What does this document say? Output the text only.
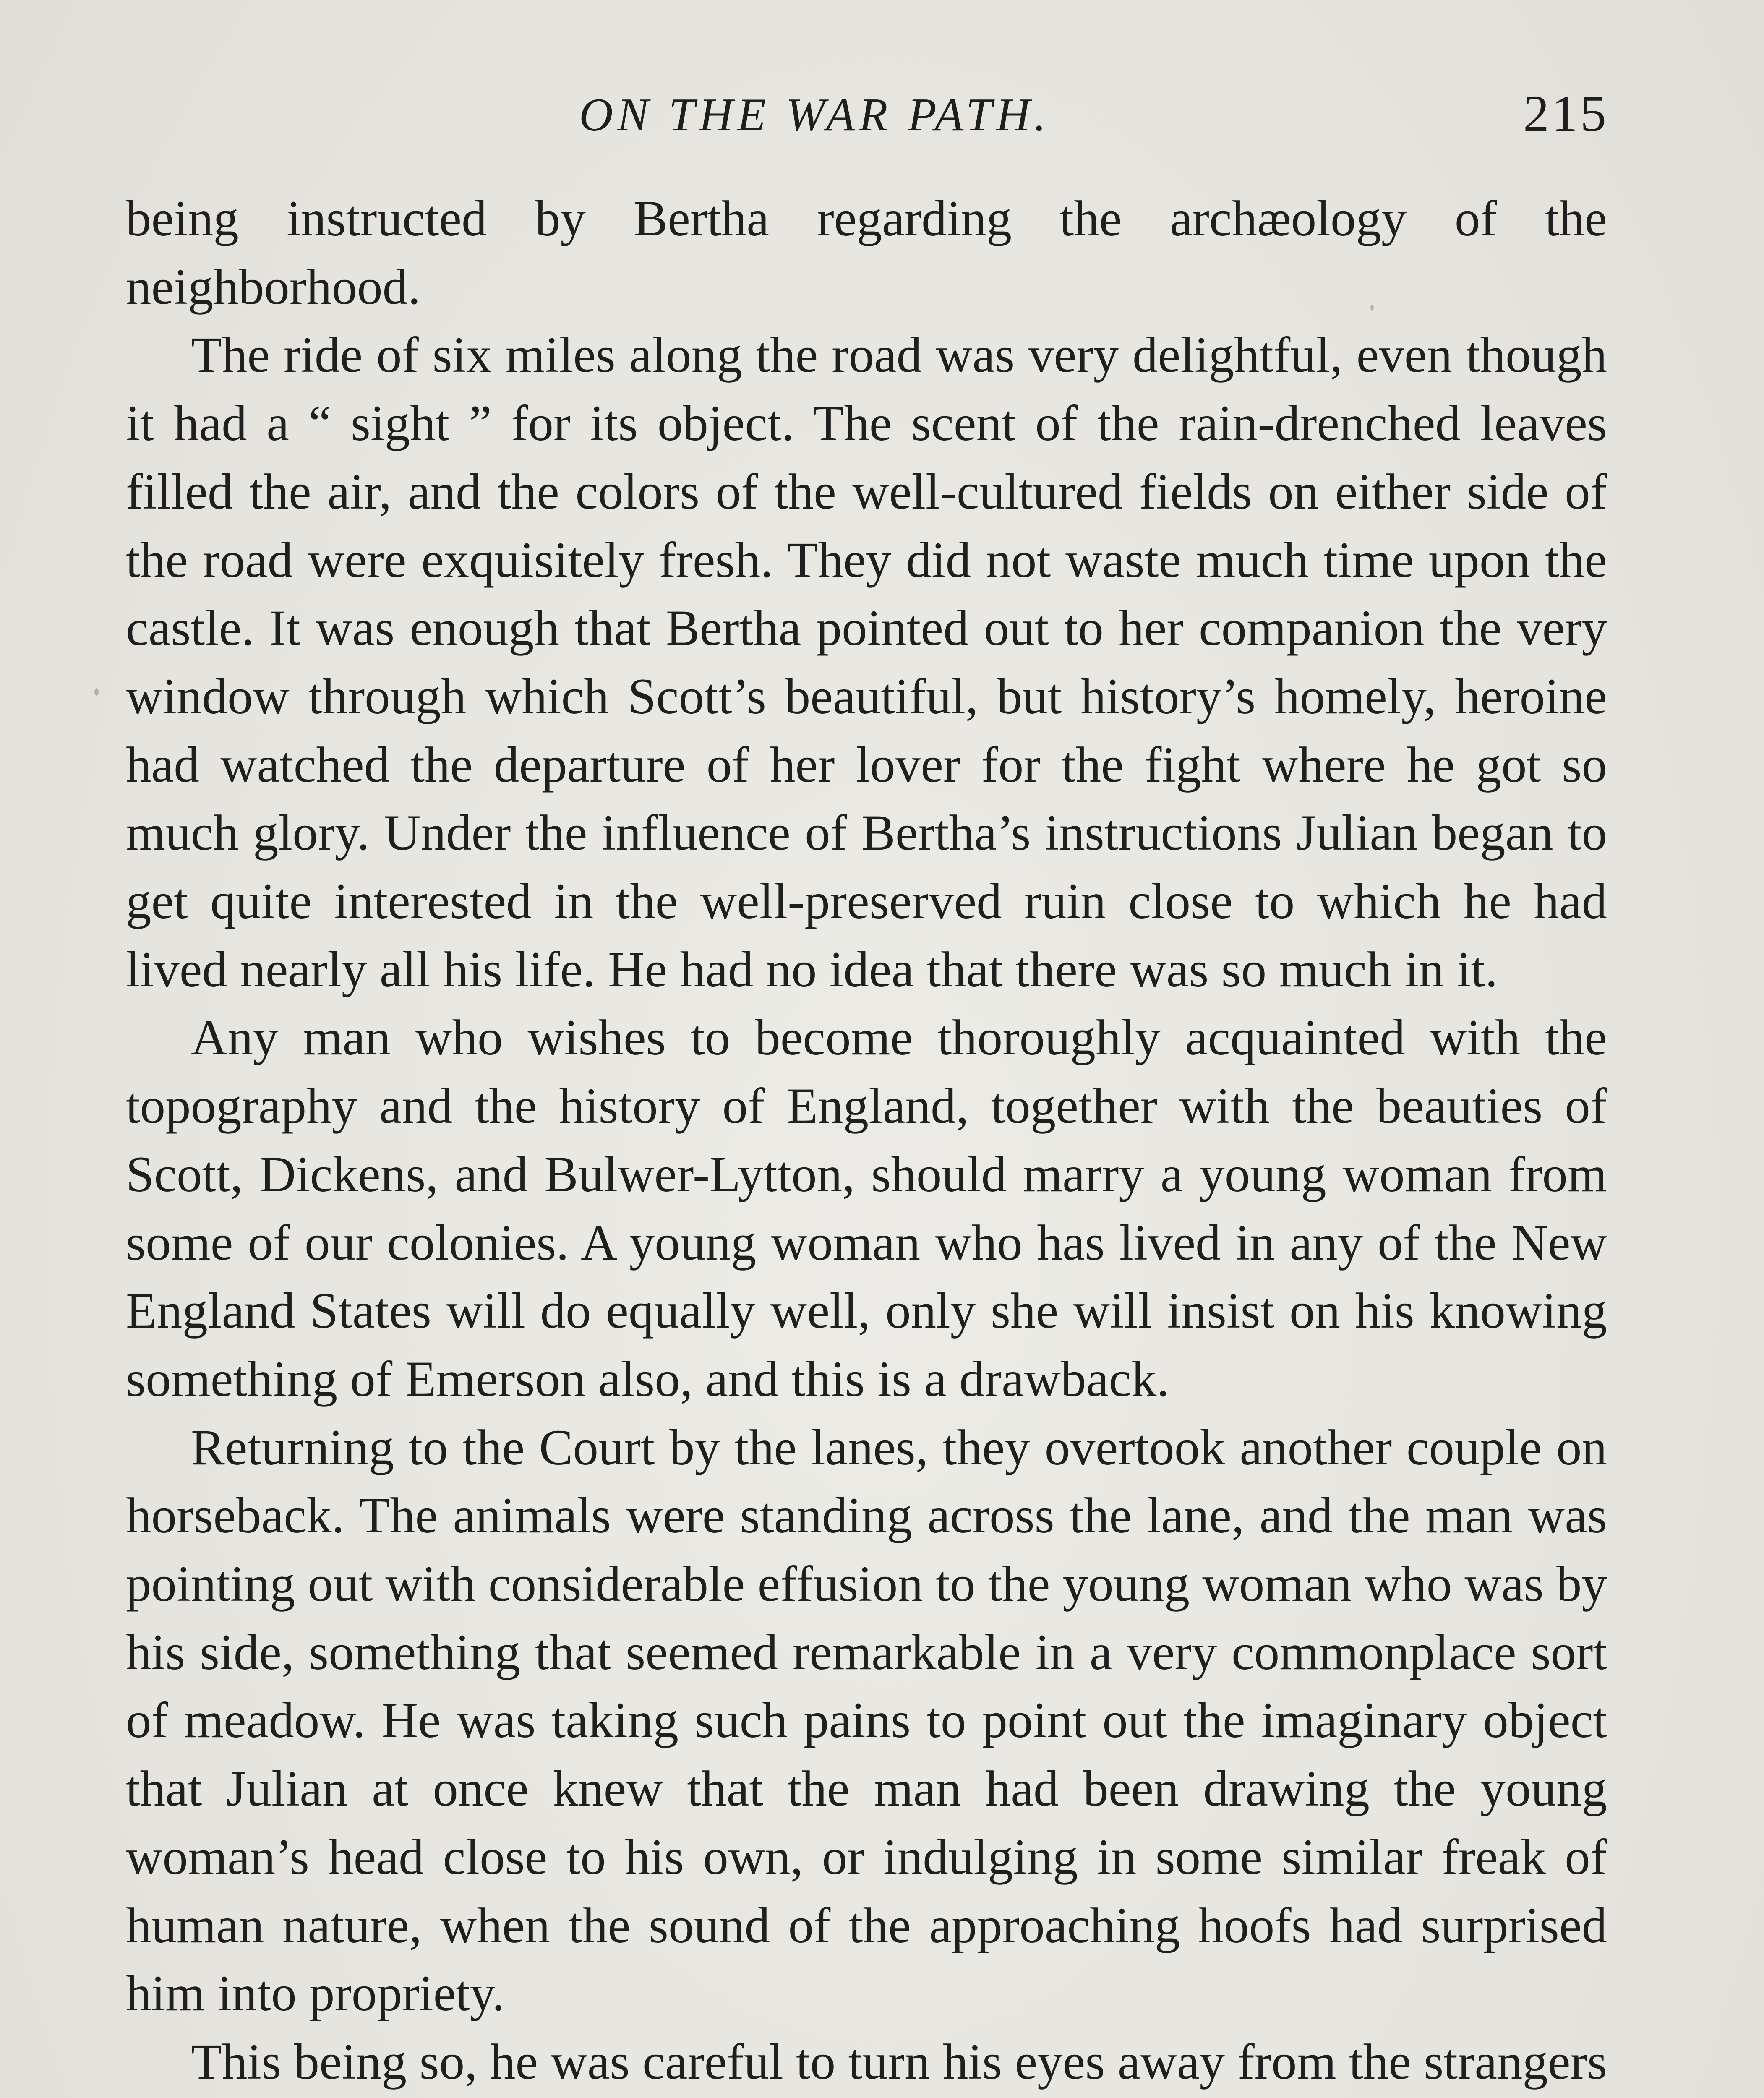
ON THE WAR PATH.	215

being instructed by Bertha regarding the archæology of the neighborhood.

The ride of six miles along the road was very delightful, even though it had a “ sight ” for its object. The scent of the rain-drenched leaves filled the air, and the colors of the well-cultured fields on either side of the road were exquisitely fresh. They did not waste much time upon the castle. It was enough that Bertha pointed out to her companion the very window through which Scott’s beautiful, but history’s homely, heroine had watched the departure of her lover for the fight where he got so much glory. Under the influence of Bertha’s instructions Julian began to get quite interested in the well-preserved ruin close to which he had lived nearly all his life. He had no idea that there was so much in it.

Any man who wishes to become thoroughly acquainted with the topography and the history of England, together with the beauties of Scott, Dickens, and Bulwer-Lytton, should marry a young woman from some of our colonies. A young woman who has lived in any of the New England States will do equally well, only she will insist on his knowing something of Emerson also, and this is a drawback.

Returning to the Court by the lanes, they overtook another couple on horseback. The animals were standing across the lane, and the man was pointing out with considerable effusion to the young woman who was by his side, something that seemed remarkable in a very commonplace sort of meadow. He was taking such pains to point out the imaginary object that Julian at once knew that the man had been drawing the young woman’s head close to his own, or indulging in some similar freak of human nature, when the sound of the approaching hoofs had surprised him into propriety.

This being so, he was careful to turn his eyes away from the strangers
